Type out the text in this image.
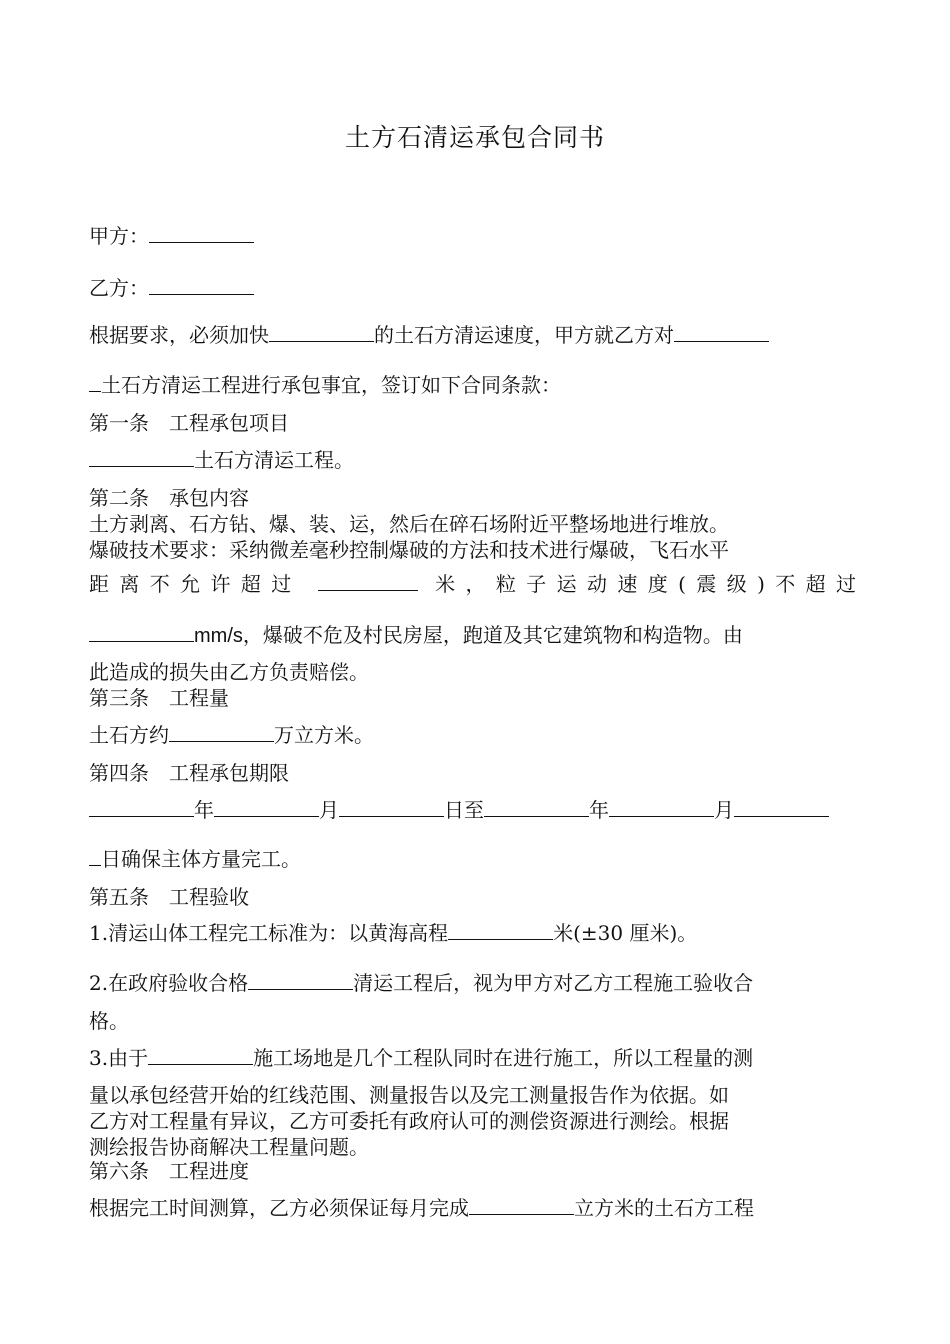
土方石清运承包合同书
甲方：
乙方：
根据要求，必须加快	的土石方清运速度，甲方就乙方对
土石方清运工程进行承包事宜，签订如下合同条款：
第一条　工程承包项目
土石方清运工程。
第二条　承包内容
土方剥离、石方钻、爆、装、运，然后在碎石场附近平整场地进行堆放。
爆破技术要求：采纳微差毫秒控制爆破的方法和技术进行爆破，飞石水平
距离不允许超过	米，粒子运动速度(震级)不超过
mm/s，爆破不危及村民房屋，跑道及其它建筑物和构造物。由
此造成的损失由乙方负责赔偿。
第三条　工程量
土石方约	万立方米。
第四条　工程承包期限
年	月	日至	年	月
日确保主体方量完工。
第五条　工程验收
1.清运山体工程完工标准为：以黄海高程	米(±30 厘米)。
2.在政府验收合格	清运工程后，视为甲方对乙方工程施工验收合
格。
3.由于	施工场地是几个工程队同时在进行施工，所以工程量的测
量以承包经营开始的红线范围、测量报告以及完工测量报告作为依据。如
乙方对工程量有异议，乙方可委托有政府认可的测偿资源进行测绘。根据
测绘报告协商解决工程量问题。
第六条　工程进度
根据完工时间测算，乙方必须保证每月完成	立方米的土石方工程
